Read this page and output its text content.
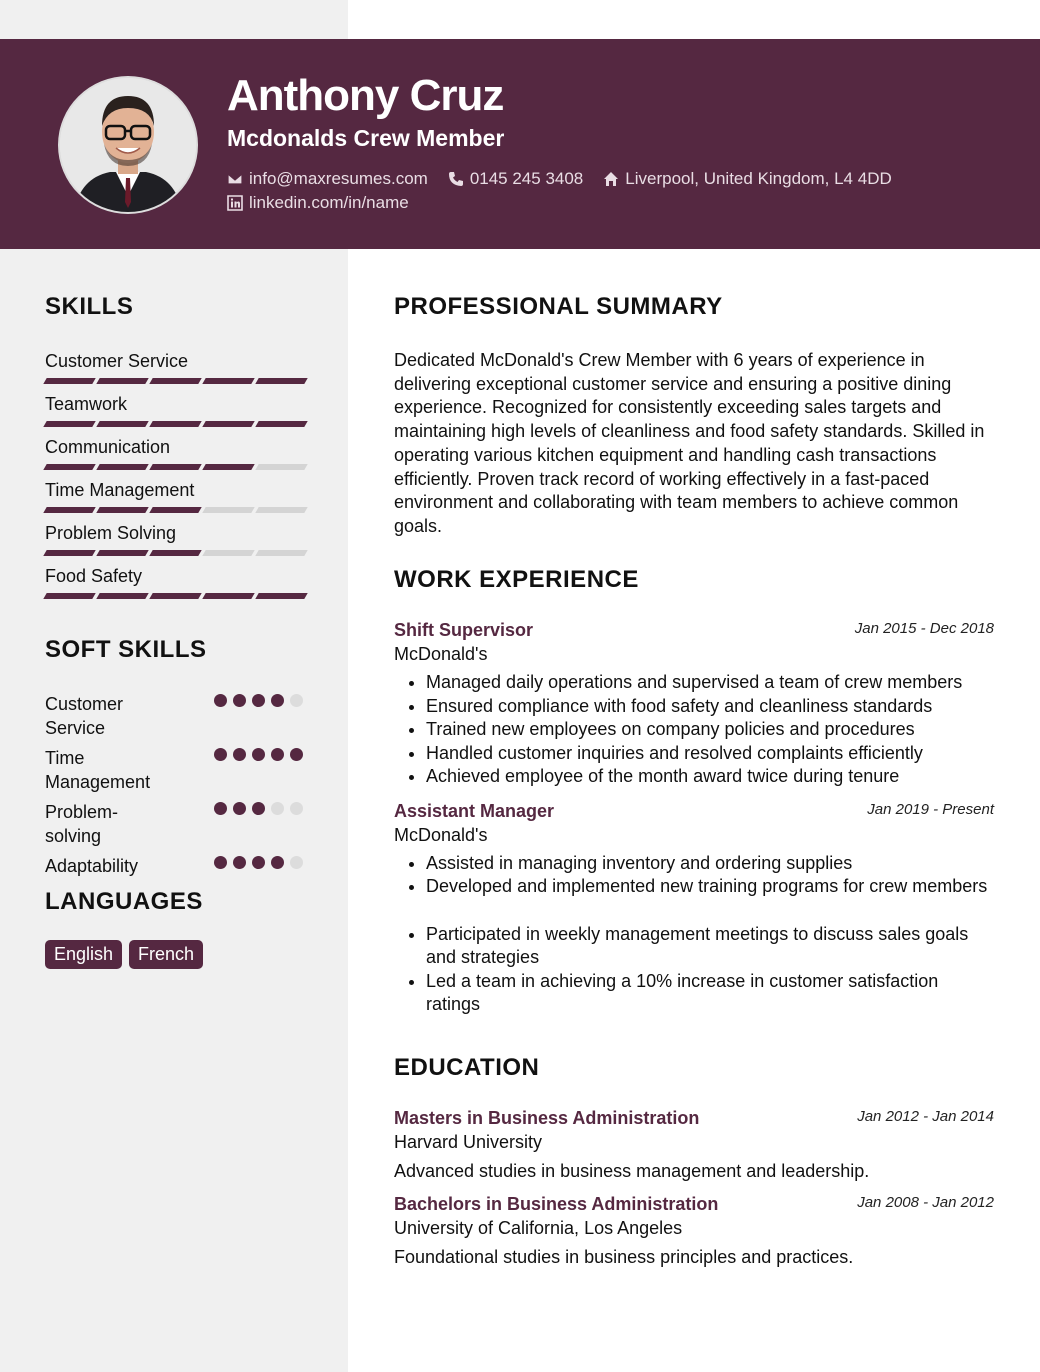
Anthony Cruz
Mcdonalds Crew Member
info@maxresumes.com 0145 245 3408 Liverpool, United Kingdom, L4 4DD
linkedin.com/in/name
SKILLS
Customer Service
Teamwork
Communication
Time Management
Problem Solving
Food Safety
SOFT SKILLS
Customer Service
Time Management
Problem-solving
Adaptability
LANGUAGES
English	French
PROFESSIONAL SUMMARY

Dedicated McDonald's Crew Member with 6 years of experience in delivering exceptional customer service and ensuring a positive dining experience. Recognized for consistently exceeding sales targets and maintaining high levels of cleanliness and food safety standards. Skilled in operating various kitchen equipment and handling cash transactions efficiently. Proven track record of working effectively in a fast-paced environment and collaborating with team members to achieve common goals.

WORK EXPERIENCE
Shift Supervisor	Jan 2015 - Dec 2018
McDonald's
• Managed daily operations and supervised a team of crew members
• Ensured compliance with food safety and cleanliness standards
• Trained new employees on company policies and procedures
• Handled customer inquiries and resolved complaints efficiently
• Achieved employee of the month award twice during tenure
Assistant Manager	Jan 2019 - Present
McDonald's
• Assisted in managing inventory and ordering supplies
• Developed and implemented new training programs for crew members
• Participated in weekly management meetings to discuss sales goals and strategies
• Led a team in achieving a 10% increase in customer satisfaction ratings
EDUCATION
Masters in Business Administration	Jan 2012 - Jan 2014
Harvard University
Advanced studies in business management and leadership.
Bachelors in Business Administration	Jan 2008 - Jan 2012
University of California, Los Angeles
Foundational studies in business principles and practices.
